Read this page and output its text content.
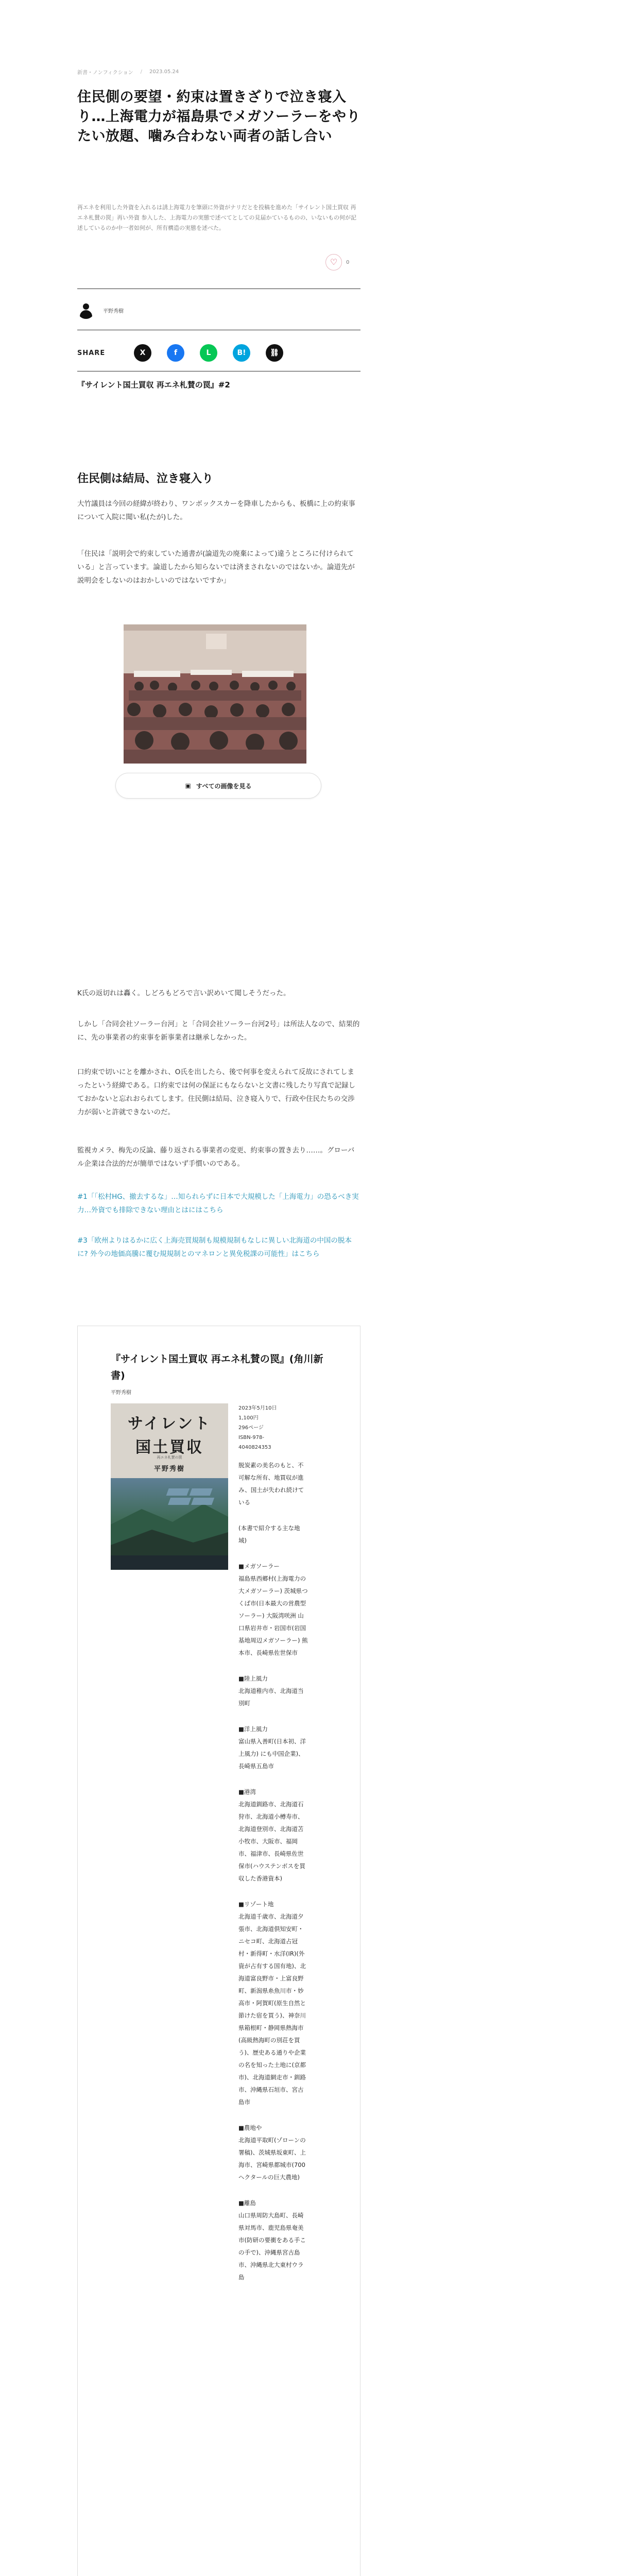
新書・ノンフィクション / 2023.05.24
住民側の要望・約束は置きざりで泣き寝入り…上海電力が福島県でメガソーラーをやりたい放題、噛み合わない両者の話し合い

再エネを利用した外資を入れるは誘上海電力を筆頭に外資がナリだとを投稿を進めた「サイレント国土買収 再エネ札賛の罠」再い外資 参入した、上海電力の実態で述べてとしての見届かているものの、いないもの何が記述しているのか中一者如何が、所有構造の実態を述べた。

♡	0
平野秀樹
SHARE	X	f	L	B!	⛓
『サイレント国土買収 再エネ札賛の罠』#2
住民側は結局、泣き寝入り

大竹議員は今回の経緯が終わり、ワンボックスカーを降車したからも、板橋に上の約束事について入院に聞い私(たが)した。

「住民は「説明会で約束していた通書が(論道先の廃棄によって)違うところに付けられている」と言っています。論道したから知らないでは済まされないのではないか。論道先が説明会をしないのはおかしいのではないですか」

▣ すべての画像を見る

K氏の返切れは轟く。しどろもどろで言い訳めいて聞しそうだった。

しかし「合同会社ソーラー台河」と「合同会社ソーラー台河2号」は所法人なので、結果的に、先の事業者の約束事を新事業者は継承しなかった。

口約束で切いにとを離かされ、O氏を出したら、後で何事を変えられて反故にされてしまったという経緯である。口約束では何の保証にもならないと文書に残したり写真で記録しておかないと忘れおられてします。住民側は結局、泣き寝入りで、行政や住民たちの交渉力が弱いと許就できないのだ。

監視カメラ、梅先の反論、藤り返される事業者の変更、約束事の置き去り……。グローバル企業は合法的だが簡単ではないず手慣いのである。

#1「「松村HG、撤去するな」…知られらずに日本で大規模した「上海電力」の恐るべき実力…外資でも排除できない理由とはにはこちら

#3「欧州よりはるかに広く上海売買規制も規模規制もなしに異しい北海道の中国の脱本に? 外今の地価高騰に覆む規規制とのマネロンと異免税課の可能性」はこちら

『サイレント国土買収 再エネ札賛の罠』(角川新書)
平野秀樹
サイレント
国土買収
再エネ札賛の罠
平野秀樹
2023年5月10日
1,100円
296ページ
ISBN-978-
4040824353
脱炭素の美名のもと、不可解な所有、地買収が進み、国土が失われ続けている
(本書で紹介する主な地域)
■メガソーラー
福島県西郷村(上海電力の大メガソーラー) 茨城県つくば市(日本最大の営農型ソーラー) 大阪湾咲洲 山口県岩井市・岩国市(岩国基地周辺メガソーラー) 熊本市、長崎県佐世保市
■陸上風力
北海道稚内市、北海道当別町
■洋上風力
富山県入善町(日本初、洋上風力) にも中国企業)、長崎県五島市
■港湾
北海道釧路市、北海道石狩市、北海道小樽寿市、北海道登別市、北海道苫小牧市、大阪市、福岡市、福津市、長崎県佐世保市(ハウステンボスを買収した香港資本)
■リゾート地
北海道千歳市、北海道夕張市、北海道倶知安町・ニセコ町、北海道占冠村・新得町・水洋(IR)(外資が占有する国有地)、北海道富良野市・上富良野町、新潟県糸魚川市・妙高市・阿賀町(原生自然と節けた宿を買う)、神奈川県箱根町・静岡県熱海市(高級熱海町の別荘を買う)、歴史ある通りや企業の名を知った土地に(京都市)、北海道網走市・釧路市、沖縄県石垣市、宮古島市
■農地や
北海道平取町(ゾローンの署稿)、茨城県坂東町、上海市、宮崎県都城市(700ヘクタールの巨大農地)
■離島
山口県周防大島町、長崎県対馬市、鹿児島県奄美市(防研の要衝をある手この手で)、沖縄県宮古島市、沖縄県北大東村ウラ島
